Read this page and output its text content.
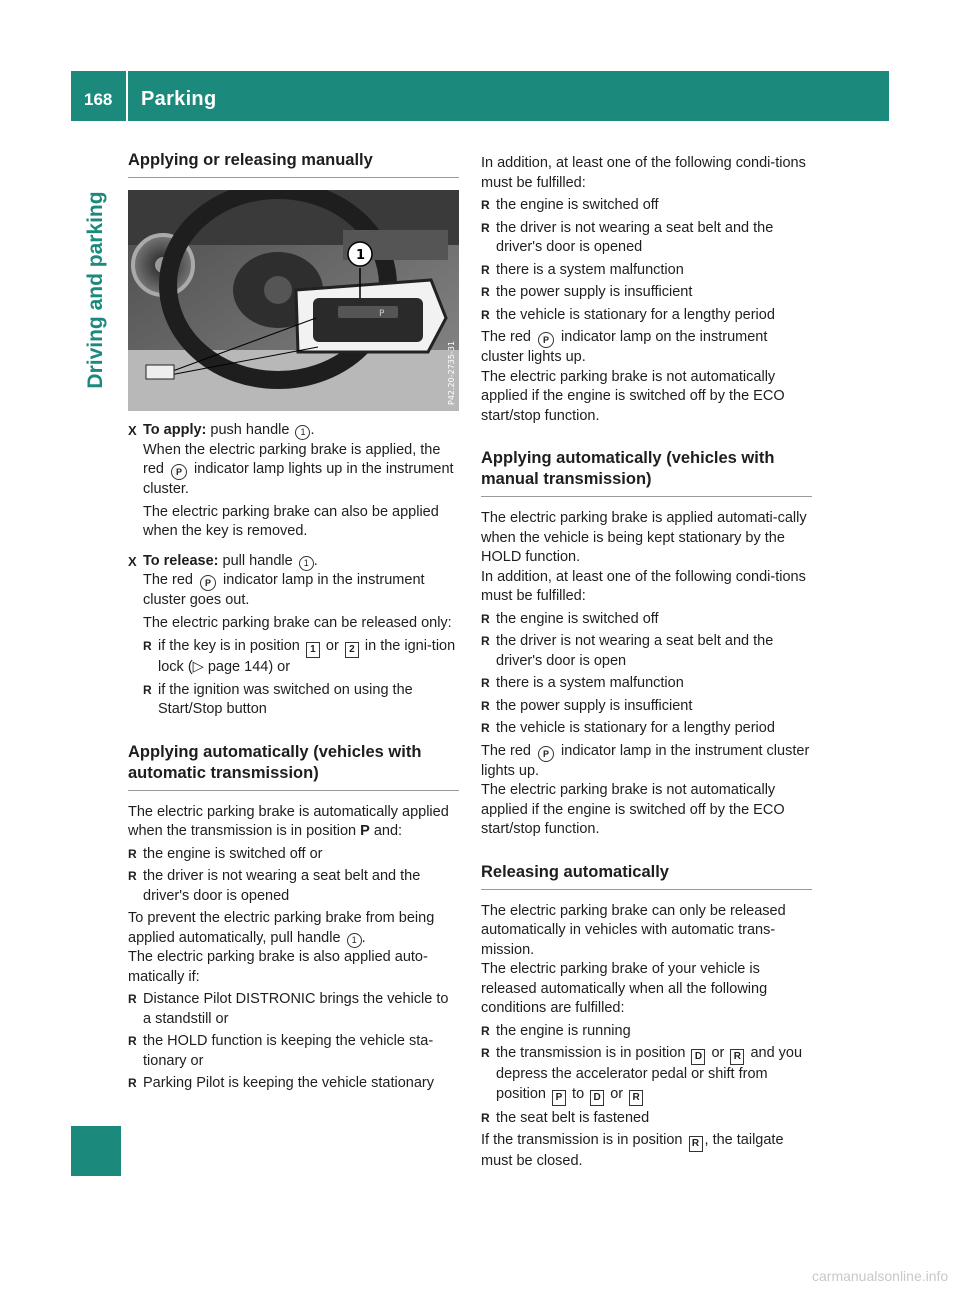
168 Parking
Driving and parking
Applying or releasing manually
P
1
P42.20-2735-31
X To apply: push handle 1 .

When the electric parking brake is applied, the red P indicator lamp lights up in the instrument cluster.

The electric parking brake can also be applied when the key is removed.

X To release: pull handle 1 .

The red P indicator lamp in the instrument cluster goes out.

The electric parking brake can be released only:

R if the key is in position 1 or 2 in the igni-tion lock (▷ page 144) or
R if the ignition was switched on using the Start/Stop button
Applying automatically (vehicles with automatic transmission)

The electric parking brake is automatically applied when the transmission is in position P and:

R the engine is switched off or
R the driver is not wearing a seat belt and the driver's door is opened

To prevent the electric parking brake from being applied automatically, pull handle 1 .

The electric parking brake is also applied auto-matically if:

R Distance Pilot DISTRONIC brings the vehicle to a standstill or
R the HOLD function is keeping the vehicle sta-tionary or
R Parking Pilot is keeping the vehicle stationary

In addition, at least one of the following condi-tions must be fulfilled:

R the engine is switched off
R the driver is not wearing a seat belt and the driver's door is opened
R there is a system malfunction
R the power supply is insufficient
R the vehicle is stationary for a lengthy period

The red P indicator lamp on the instrument cluster lights up.

The electric parking brake is not automatically applied if the engine is switched off by the ECO start/stop function.

Applying automatically (vehicles with manual transmission)

The electric parking brake is applied automati-cally when the vehicle is being kept stationary by the HOLD function.

In addition, at least one of the following condi-tions must be fulfilled:

R the engine is switched off
R the driver is not wearing a seat belt and the driver's door is open
R there is a system malfunction
R the power supply is insufficient
R the vehicle is stationary for a lengthy period

The red P indicator lamp in the instrument cluster lights up.

The electric parking brake is not automatically applied if the engine is switched off by the ECO start/stop function.

Releasing automatically

The electric parking brake can only be released automatically in vehicles with automatic trans-mission.

The electric parking brake of your vehicle is released automatically when all the following conditions are fulfilled:

R the engine is running
R the transmission is in position D or R and you depress the accelerator pedal or shift from position P to D or R
R the seat belt is fastened

If the transmission is in position R , the tailgate must be closed.

carmanualsonline.info
